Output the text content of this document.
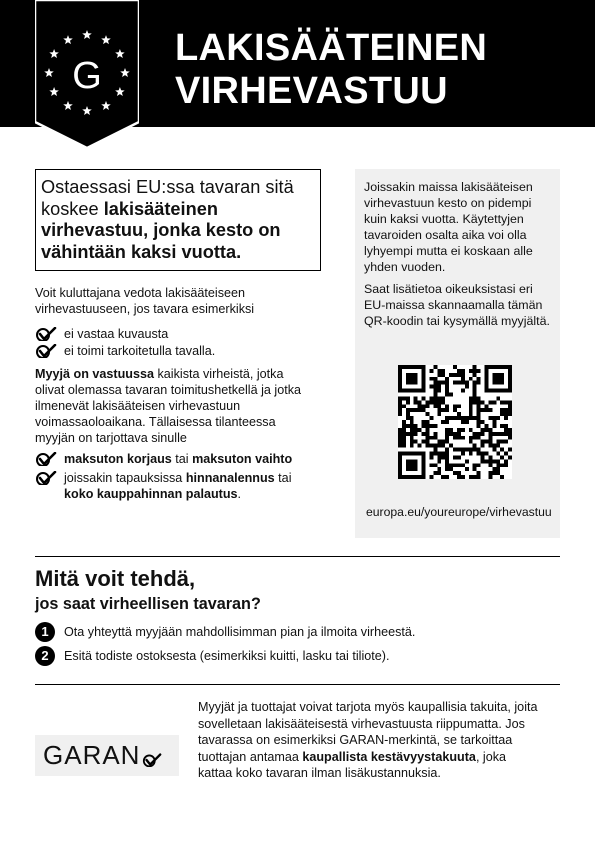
G
LAKISÄÄTEINEN
VIRHEVASTUU
Ostaessasi EU:ssa tavaran sitä koskee lakisääteinen virhevastuu, jonka kesto on vähintään kaksi vuotta.
Voit kuluttajana vedota lakisääteiseen virhevastuuseen, jos tavara esimerkiksi
ei vastaa kuvausta
ei toimi tarkoitetulla tavalla.
Myyjä on vastuussa kaikista virheistä, jotka olivat olemassa tavaran toimitushetkellä ja jotka ilmenevät lakisääteisen virhevastuun voimassaoloaikana. Tällaisessa tilanteessa myyjän on tarjottava sinulle
maksuton korjaus tai maksuton vaihto
joissakin tapauksissa hinnanalennus tai koko kauppahinnan palautus.
Joissakin maissa lakisääteisen virhevastuun kesto on pidempi kuin kaksi vuotta. Käytettyjen tavaroiden osalta aika voi olla lyhyempi mutta ei koskaan alle yhden vuoden.
Saat lisätietoa oikeuksistasi eri EU-maissa skannaamalla tämän QR-koodin tai kysymällä myyjältä.
europa.eu/youreurope/virhevastuu
Mitä voit tehdä,
jos saat virheellisen tavaran?
1	Ota yhteyttä myyjään mahdollisimman pian ja ilmoita virheestä.
2	Esitä todiste ostoksesta (esimerkiksi kuitti, lasku tai tiliote).
GARAN
Myyjät ja tuottajat voivat tarjota myös kaupallisia takuita, joita sovelletaan lakisääteisestä virhevastuusta riippumatta. Jos tavarassa on esimerkiksi GARAN-merkintä, se tarkoittaa tuottajan antamaa kaupallista kestävyystakuuta, joka kattaa koko tavaran ilman lisäkustannuksia.
